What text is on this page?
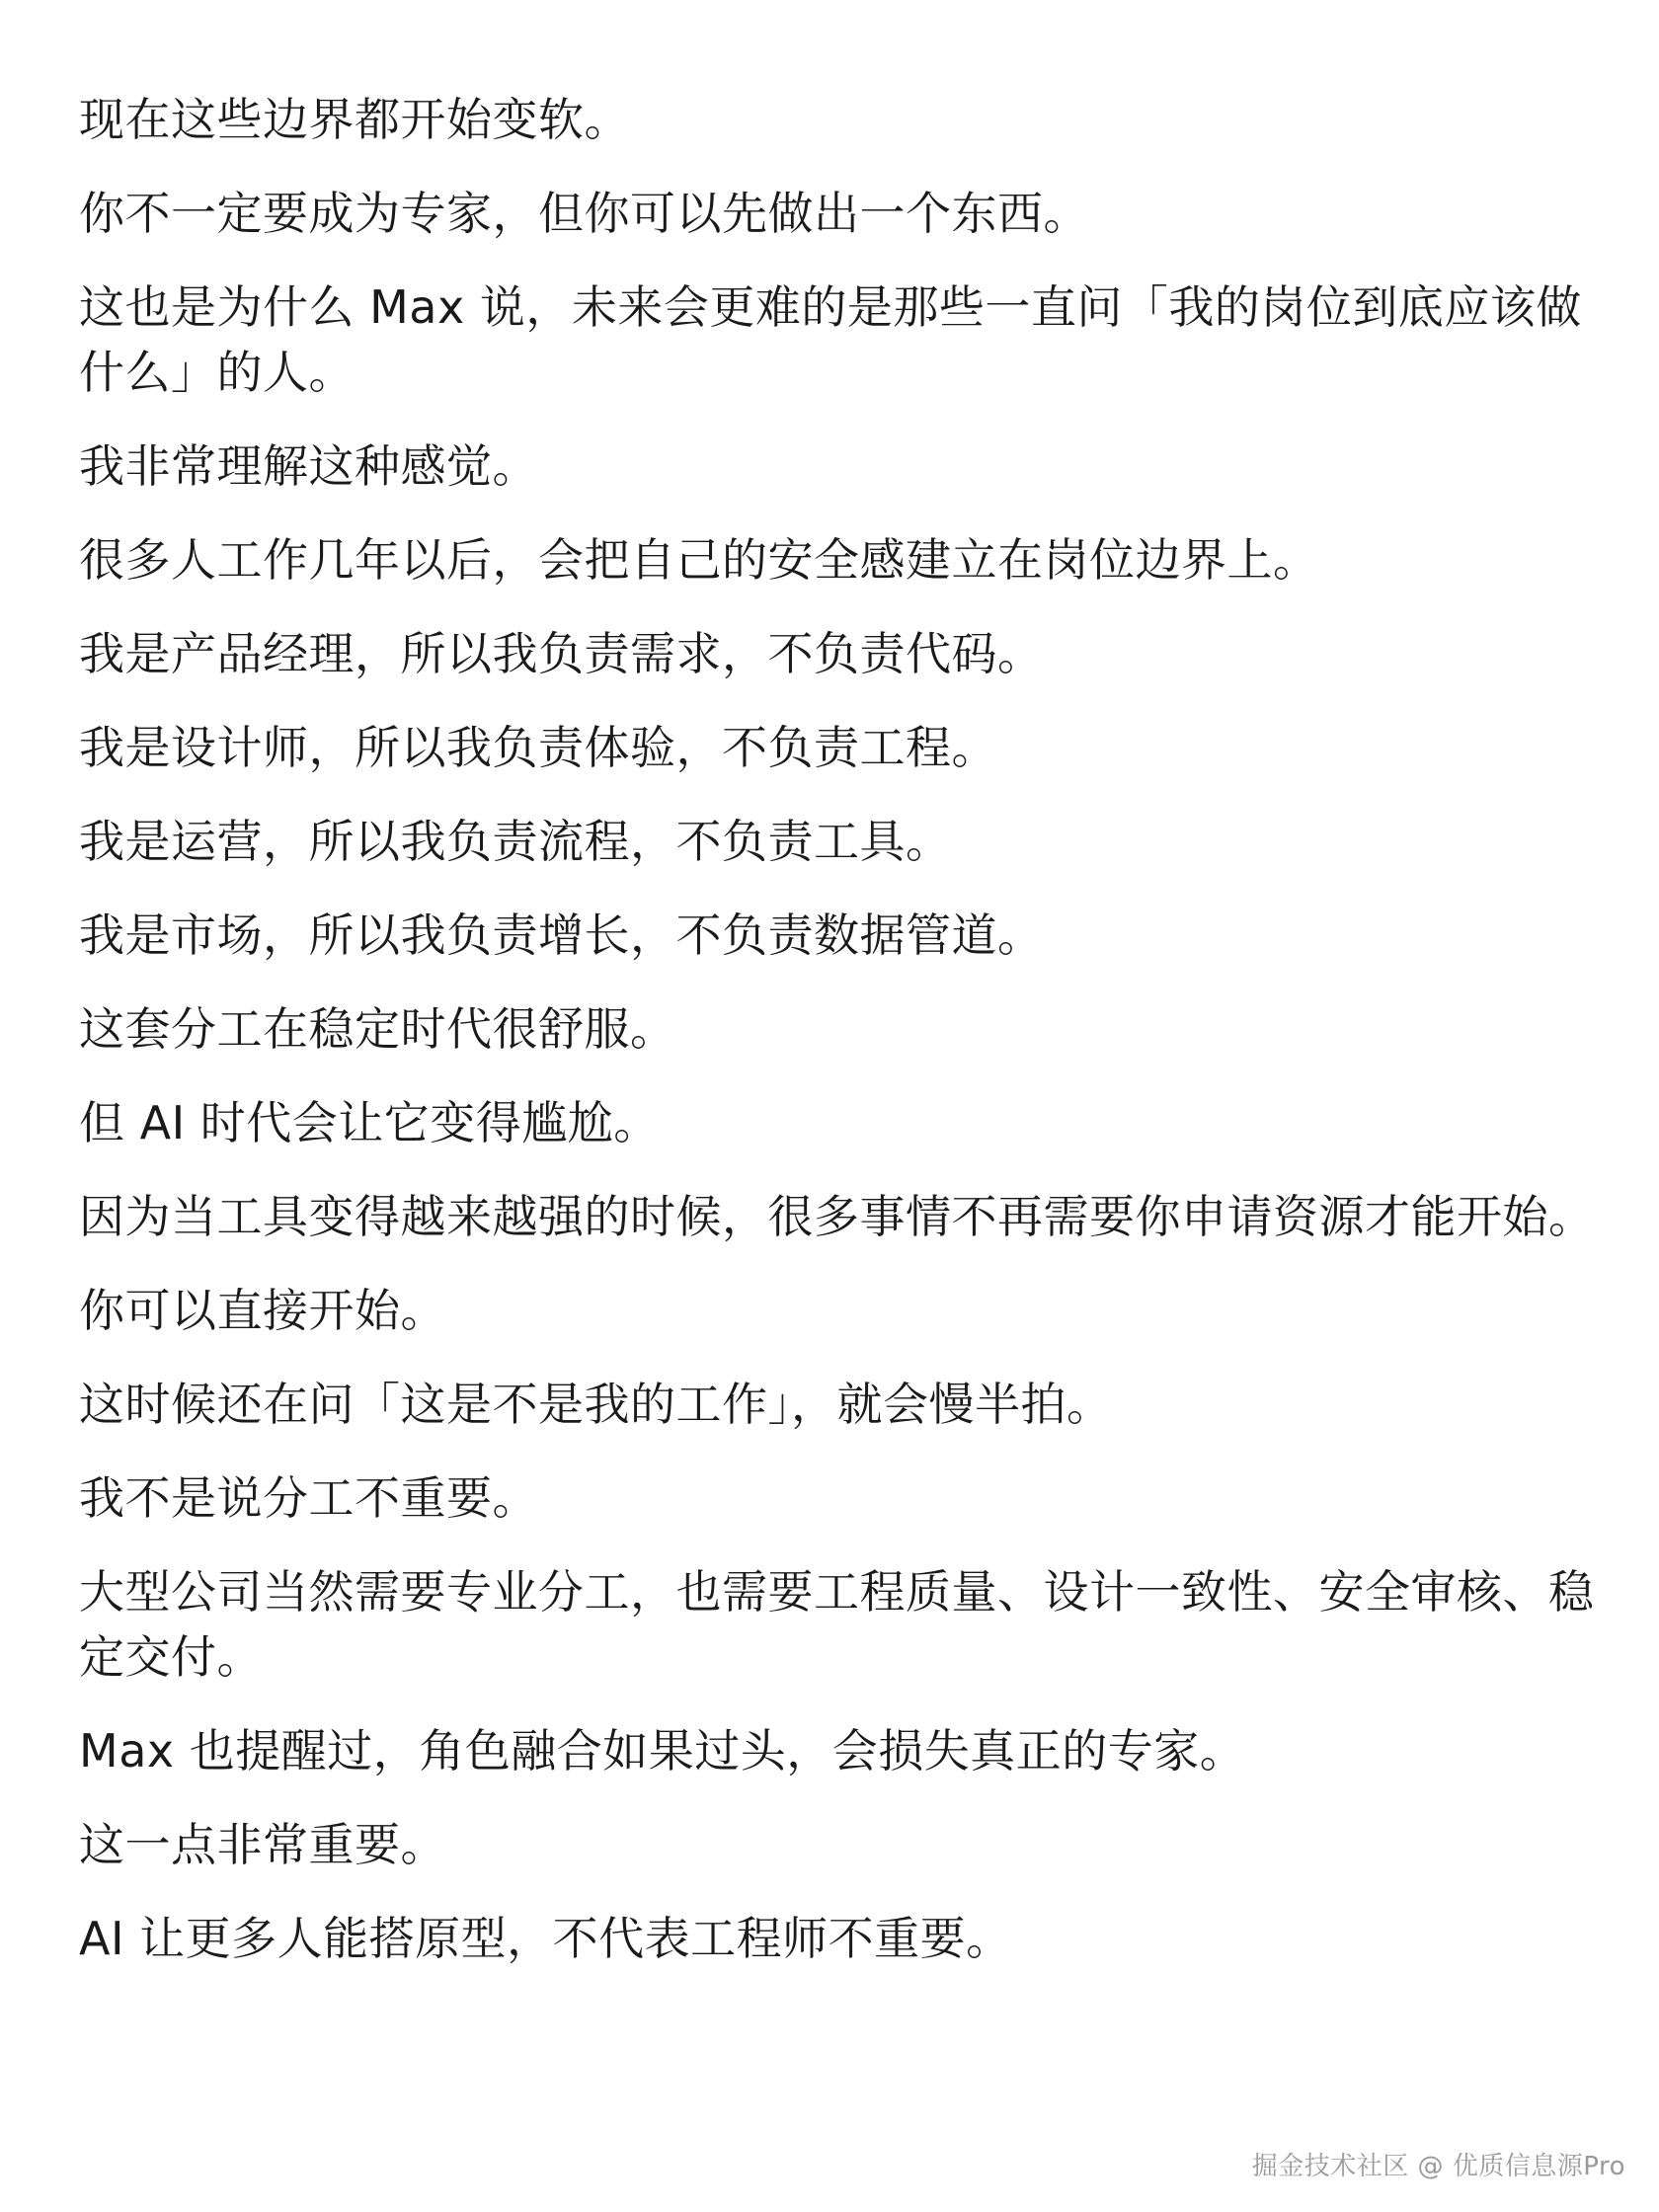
现在这些边界都开始变软。

你不一定要成为专家，但你可以先做出一个东西。

这也是为什么 Max 说，未来会更难的是那些一直问「我的岗位到底应该做什么」的人。

我非常理解这种感觉。

很多人工作几年以后，会把自己的安全感建立在岗位边界上。

我是产品经理，所以我负责需求，不负责代码。

我是设计师，所以我负责体验，不负责工程。

我是运营，所以我负责流程，不负责工具。

我是市场，所以我负责增长，不负责数据管道。

这套分工在稳定时代很舒服。

但 AI 时代会让它变得尴尬。

因为当工具变得越来越强的时候，很多事情不再需要你申请资源才能开始。

你可以直接开始。

这时候还在问「这是不是我的工作」，就会慢半拍。

我不是说分工不重要。

大型公司当然需要专业分工，也需要工程质量、设计一致性、安全审核、稳定交付。

Max 也提醒过，角色融合如果过头，会损失真正的专家。

这一点非常重要。

AI 让更多人能搭原型，不代表工程师不重要。

掘金技术社区 @ 优质信息源Pro
